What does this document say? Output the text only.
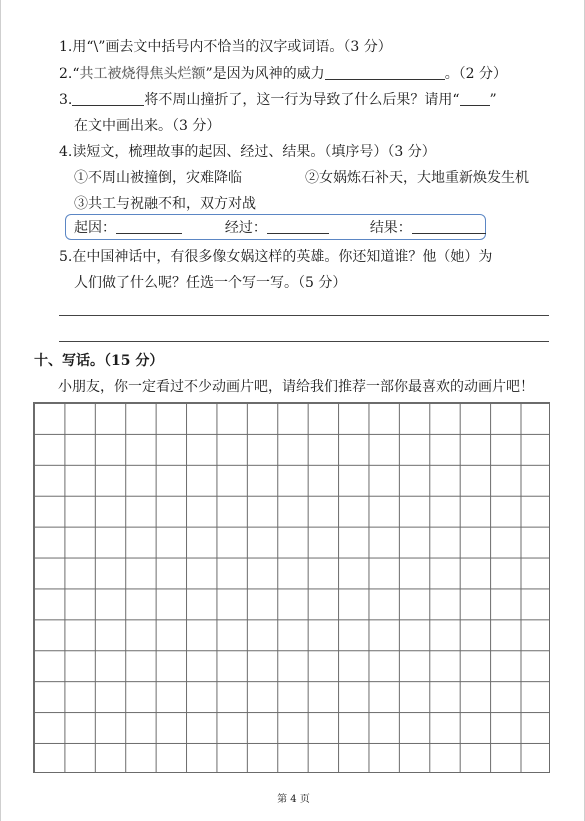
1.用“\”画去文中括号内不恰当的汉字或词语。（3 分）
2.“共工被烧得焦头烂额”是因为风神的威力	。（2 分）
3.	将不周山撞折了，这一行为导致了什么后果？请用“ ”
在文中画出来。（3 分）
4.读短文，梳理故事的起因、经过、结果。（填序号）（3 分）
①不周山被撞倒，灾难降临	②女娲炼石补天，大地重新焕发生机
③共工与祝融不和，双方对战
起因：	经过：	结果：
5.在中国神话中，有很多像女娲这样的英雄。你还知道谁？他（她）为
人们做了什么呢？任选一个写一写。（5 分）
十、写话。（15 分）
小朋友，你一定看过不少动画片吧，请给我们推荐一部你最喜欢的动画片吧！
第 4 页
